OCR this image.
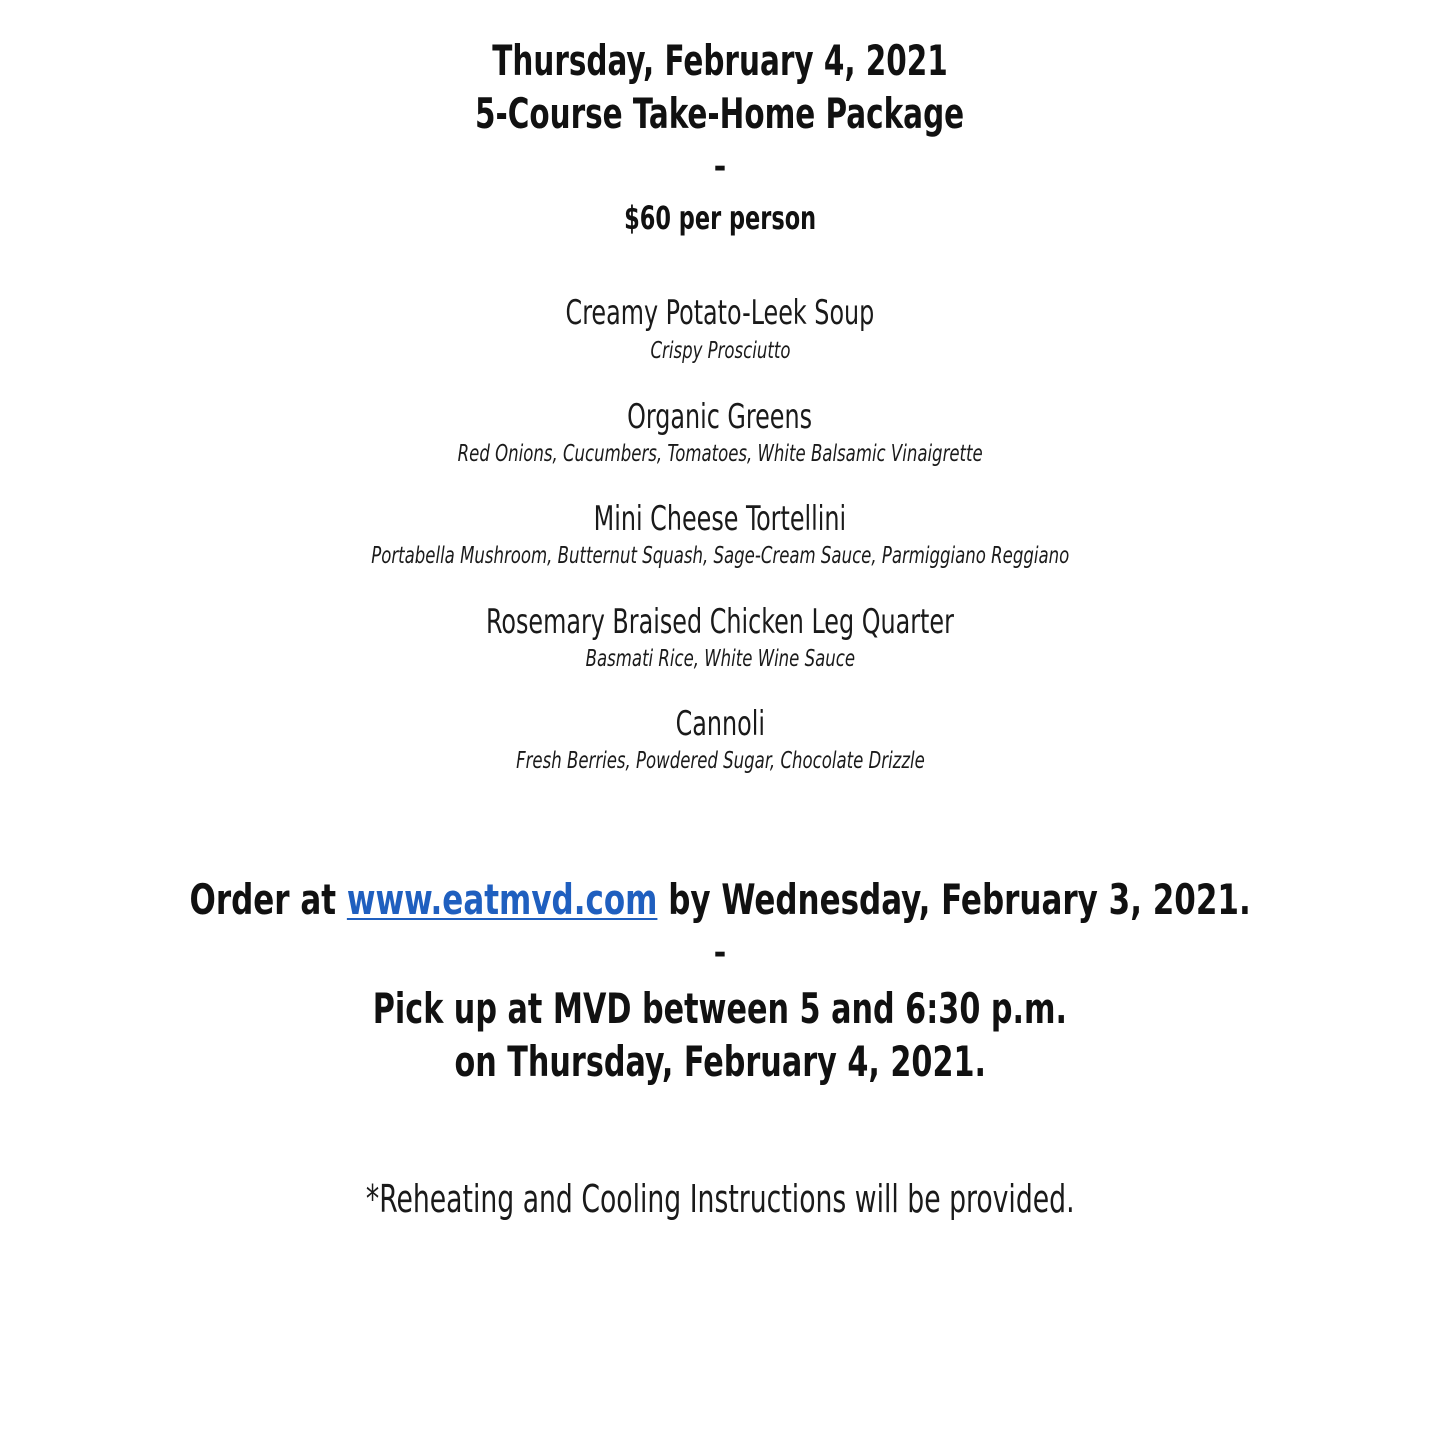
Thursday, February 4, 2021
5-Course Take-Home Package
-
$60 per person
Creamy Potato-Leek Soup
Crispy Prosciutto
Organic Greens
Red Onions, Cucumbers, Tomatoes, White Balsamic Vinaigrette
Mini Cheese Tortellini
Portabella Mushroom, Butternut Squash, Sage-Cream Sauce, Parmiggiano Reggiano
Rosemary Braised Chicken Leg Quarter
Basmati Rice, White Wine Sauce
Cannoli
Fresh Berries, Powdered Sugar, Chocolate Drizzle
Order at www.eatmvd.com by Wednesday, February 3, 2021.
-
Pick up at MVD between 5 and 6:30 p.m.
on Thursday, February 4, 2021.
*Reheating and Cooling Instructions will be provided.
